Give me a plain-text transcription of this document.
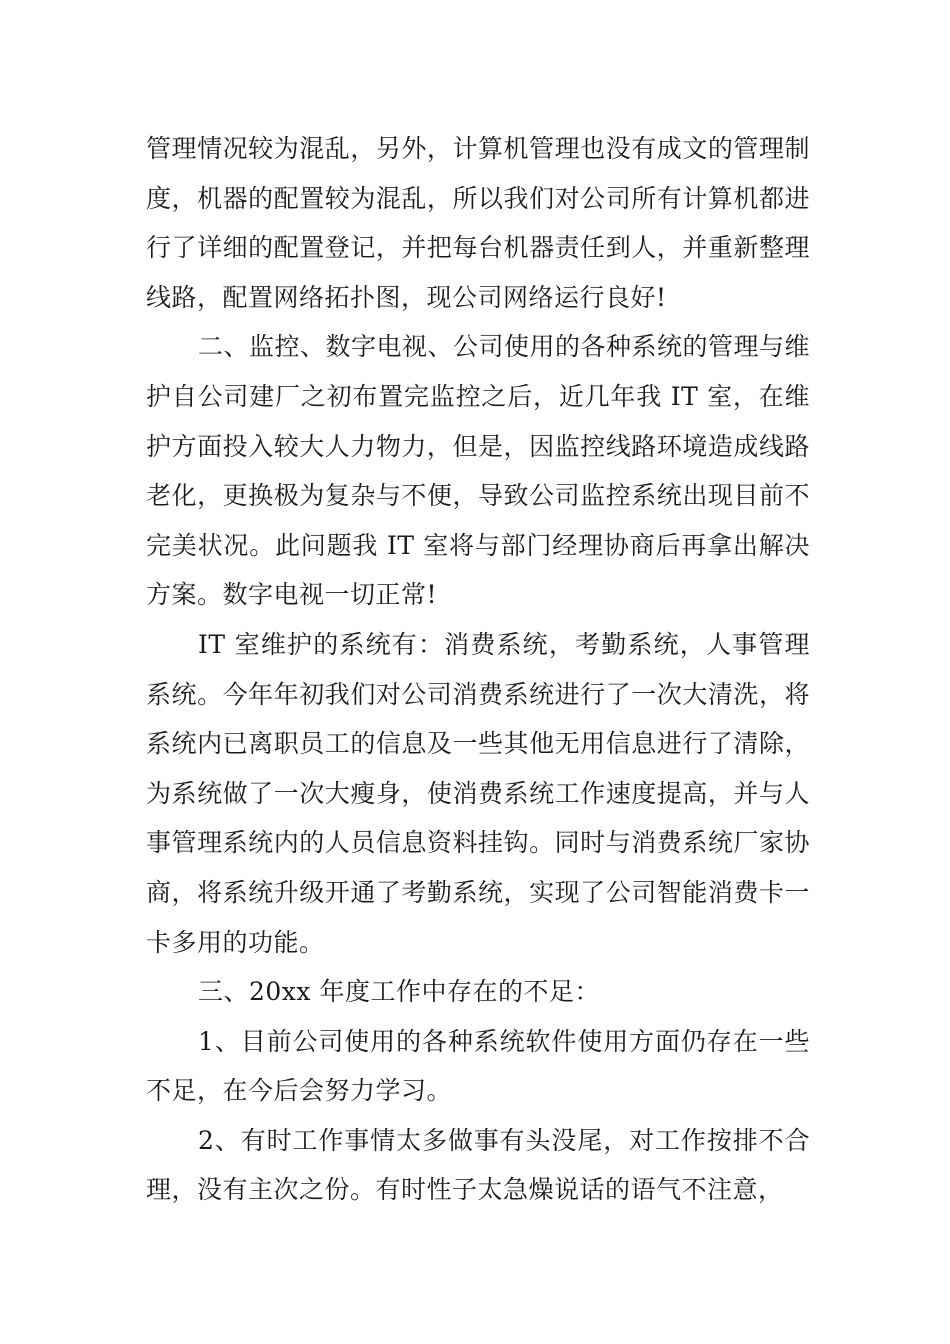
管理情况较为混乱，另外，计算机管理也没有成文的管理制度，机器的配置较为混乱，所以我们对公司所有计算机都进行了详细的配置登记，并把每台机器责任到人，并重新整理线路，配置网络拓扑图，现公司网络运行良好!

二、监控、数字电视、公司使用的各种系统的管理与维护自公司建厂之初布置完监控之后，近几年我 IT 室，在维护方面投入较大人力物力，但是，因监控线路环境造成线路老化，更换极为复杂与不便，导致公司监控系统出现目前不完美状况。此问题我 IT 室将与部门经理协商后再拿出解决方案。数字电视一切正常!

IT 室维护的系统有：消费系统，考勤系统，人事管理系统。今年年初我们对公司消费系统进行了一次大清洗，将系统内已离职员工的信息及一些其他无用信息进行了清除，为系统做了一次大瘦身，使消费系统工作速度提高，并与人事管理系统内的人员信息资料挂钩。同时与消费系统厂家协商，将系统升级开通了考勤系统，实现了公司智能消费卡一卡多用的功能。

三、20xx 年度工作中存在的不足：

1、目前公司使用的各种系统软件使用方面仍存在一些不足，在今后会努力学习。

2、有时工作事情太多做事有头没尾，对工作按排不合理，没有主次之份。有时性子太急燥说话的语气不注意，
